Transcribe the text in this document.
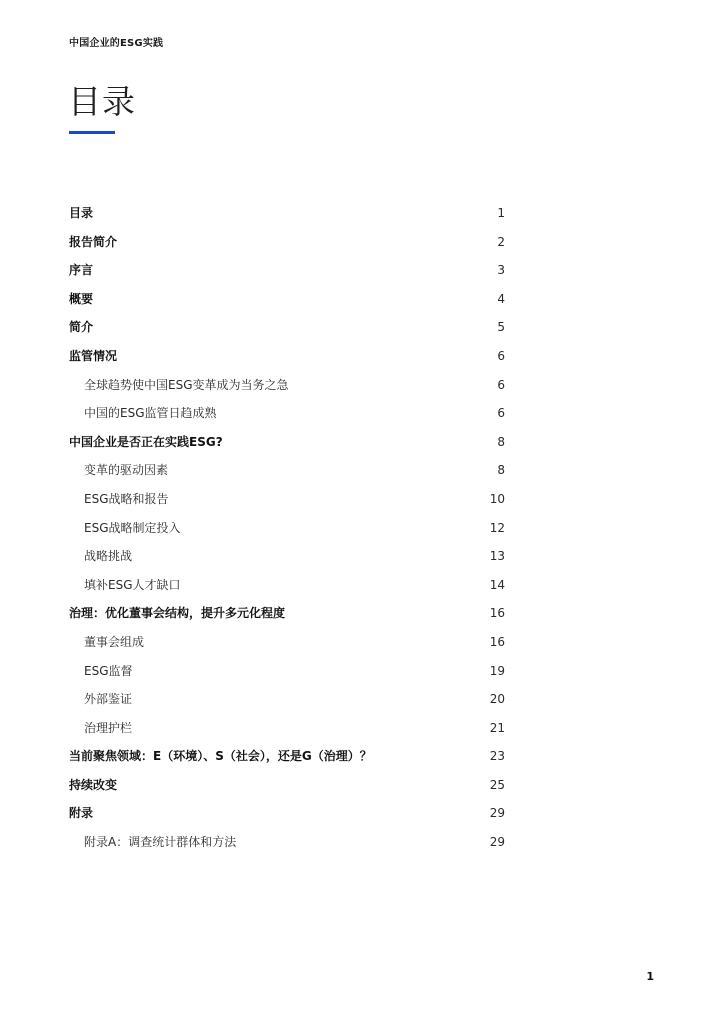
中国企业的ESG实践
目录
目录	1
报告简介	2
序言	3
概要	4
简介	5
监管情况	6
全球趋势使中国ESG变革成为当务之急	6
中国的ESG监管日趋成熟	6
中国企业是否正在实践ESG?	8
变革的驱动因素	8
ESG战略和报告	10
ESG战略制定投入	12
战略挑战	13
填补ESG人才缺口	14
治理：优化董事会结构，提升多元化程度	16
董事会组成	16
ESG监督	19
外部鉴证	20
治理护栏	21
当前聚焦领域：E（环境）、S（社会），还是G（治理）？	23
持续改变	25
附录	29
附录A：调查统计群体和方法	29
1
